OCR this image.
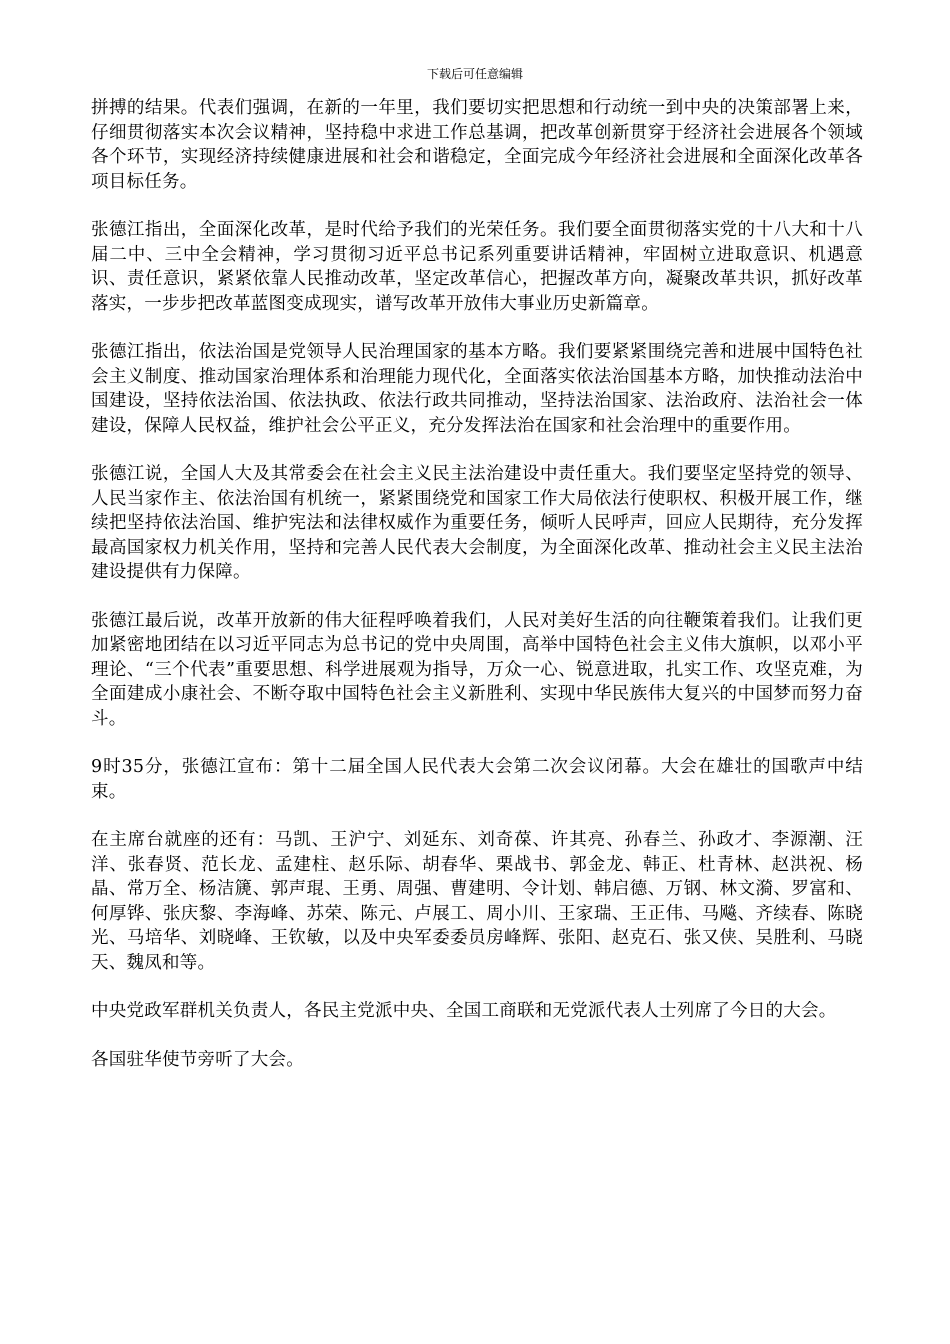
下载后可任意编辑

拼搏的结果。代表们强调，在新的一年里，我们要切实把思想和行动统一到中央的决策部署上来，仔细贯彻落实本次会议精神，坚持稳中求进工作总基调，把改革创新贯穿于经济社会进展各个领域各个环节，实现经济持续健康进展和社会和谐稳定，全面完成今年经济社会进展和全面深化改革各项目标任务。

张德江指出，全面深化改革，是时代给予我们的光荣任务。我们要全面贯彻落实党的十八大和十八届二中、三中全会精神，学习贯彻习近平总书记系列重要讲话精神，牢固树立进取意识、机遇意识、责任意识，紧紧依靠人民推动改革，坚定改革信心，把握改革方向，凝聚改革共识，抓好改革落实，一步步把改革蓝图变成现实，谱写改革开放伟大事业历史新篇章。

张德江指出，依法治国是党领导人民治理国家的基本方略。我们要紧紧围绕完善和进展中国特色社会主义制度、推动国家治理体系和治理能力现代化，全面落实依法治国基本方略，加快推动法治中国建设，坚持依法治国、依法执政、依法行政共同推动，坚持法治国家、法治政府、法治社会一体建设，保障人民权益，维护社会公平正义，充分发挥法治在国家和社会治理中的重要作用。

张德江说，全国人大及其常委会在社会主义民主法治建设中责任重大。我们要坚定坚持党的领导、人民当家作主、依法治国有机统一，紧紧围绕党和国家工作大局依法行使职权、积极开展工作，继续把坚持依法治国、维护宪法和法律权威作为重要任务，倾听人民呼声，回应人民期待，充分发挥最高国家权力机关作用，坚持和完善人民代表大会制度，为全面深化改革、推动社会主义民主法治建设提供有力保障。

张德江最后说，改革开放新的伟大征程呼唤着我们，人民对美好生活的向往鞭策着我们。让我们更加紧密地团结在以习近平同志为总书记的党中央周围，高举中国特色社会主义伟大旗帜，以邓小平理论、“三个代表”重要思想、科学进展观为指导，万众一心、锐意进取，扎实工作、攻坚克难，为全面建成小康社会、不断夺取中国特色社会主义新胜利、实现中华民族伟大复兴的中国梦而努力奋斗。

9时35分，张德江宣布：第十二届全国人民代表大会第二次会议闭幕。大会在雄壮的国歌声中结束。

在主席台就座的还有：马凯、王沪宁、刘延东、刘奇葆、许其亮、孙春兰、孙政才、李源潮、汪洋、张春贤、范长龙、孟建柱、赵乐际、胡春华、栗战书、郭金龙、韩正、杜青林、赵洪祝、杨晶、常万全、杨洁篪、郭声琨、王勇、周强、曹建明、令计划、韩启德、万钢、林文漪、罗富和、何厚铧、张庆黎、李海峰、苏荣、陈元、卢展工、周小川、王家瑞、王正伟、马飚、齐续春、陈晓光、马培华、刘晓峰、王钦敏，以及中央军委委员房峰辉、张阳、赵克石、张又侠、吴胜利、马晓天、魏凤和等。

中央党政军群机关负责人，各民主党派中央、全国工商联和无党派代表人士列席了今日的大会。

各国驻华使节旁听了大会。
